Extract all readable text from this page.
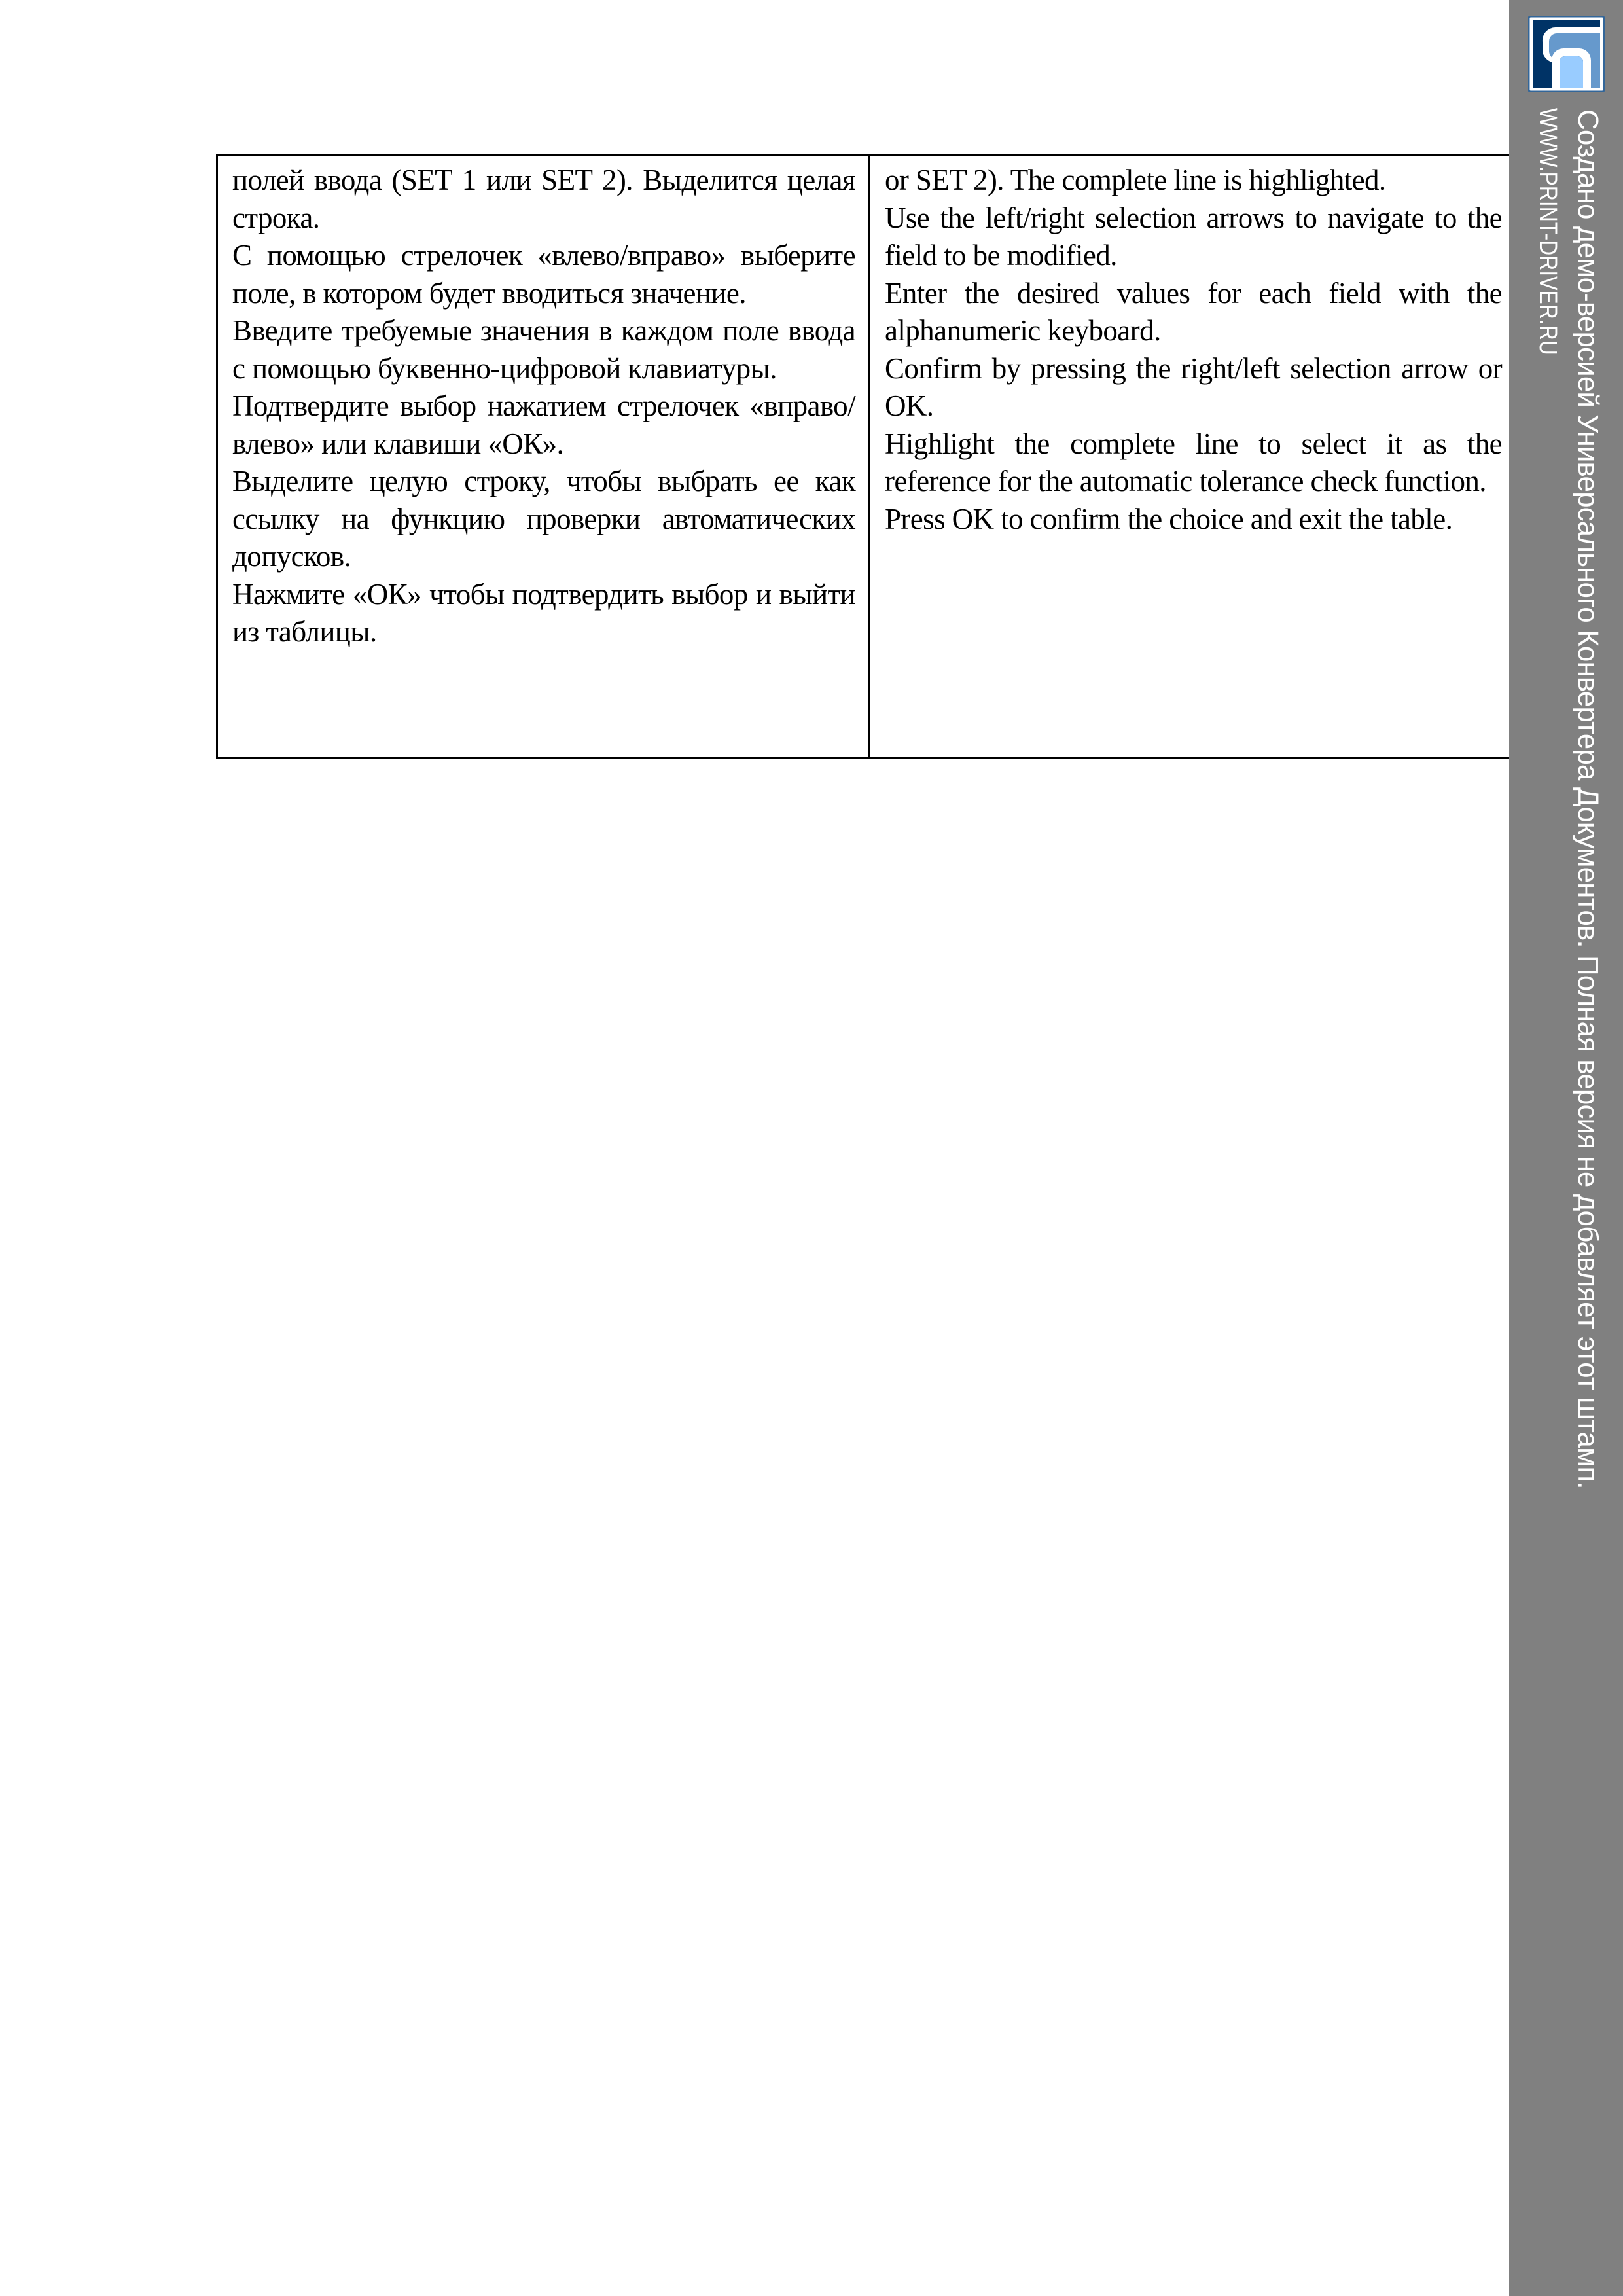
полей ввода (SET 1 или SET 2). Выделится целая строка.

С помощью стрелочек «влево/вправо» выберите поле, в котором будет вводиться значение.

Введите требуемые значения в каждом поле ввода с помощью буквенно-цифровой клавиатуры.

Подтвердите выбор нажатием стрелочек «вправо/влево» или клавиши «ОК».

Выделите целую строку, чтобы выбрать ее как ссылку на функцию проверки автоматических допусков.

Нажмите «ОК» чтобы подтвердить выбор и выйти из таблицы.

or SET 2). The complete line is highlighted.

Use the left/right selection arrows to navigate to the field to be modified.

Enter the desired values for each field with the alphanumeric keyboard.

Confirm by pressing the right/left selection arrow or OK.

Highlight the complete line to select it as the reference for the automatic tolerance check function.

Press OK to confirm the choice and exit the table.	Создано демо-версией Универсального Конвертера Документов. Полная версия не добавляет этот штамп.
WWW.PRINT-DRIVER.RU
